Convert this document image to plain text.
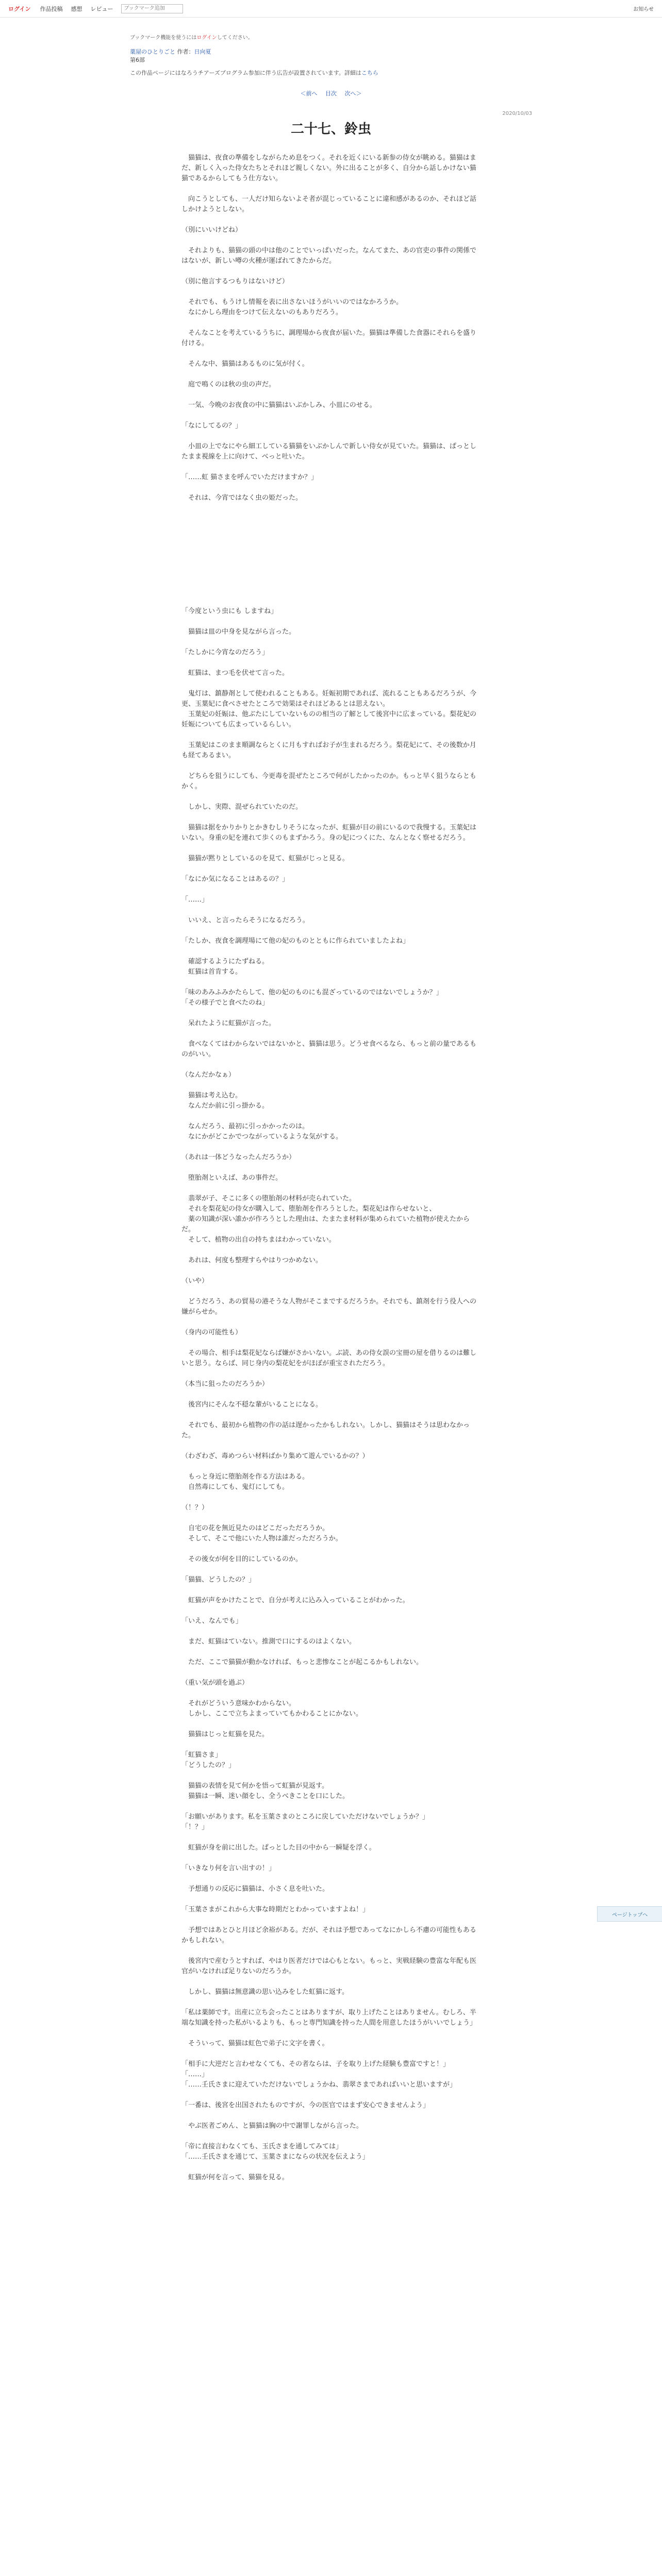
ログイン 作品投稿 感想 レビュー
ブックマーク追加	お知らせ
ブックマーク機能を使うにはログインしてください。
薬屋のひとりごと 作者：日向夏
第6部
この作品ページにはなろうチアーズプログラム参加に伴う広告が設置されています。詳細はこちら
＜前へ 目次 次へ＞
2020/10/03
二十七、鈴虫

　猫猫は、夜食の準備をしながらため息をつく。それを近くにいる新参の侍女が眺める。猫猫はまだ、新しく入った侍女たちとそれほど親しくない。外に出ることが多く、自分から話しかけない猫猫であるからしてもう仕方ない。

　向こうとしても、一人だけ知らないよそ者が混じっていることに違和感があるのか、それほど話しかけようとしない。

（別にいいけどね）

　それよりも、猫猫の頭の中は他のことでいっぱいだった。なんてまた、あの官吏の事件の関係ではないが、新しい噂の火種が運ばれてきたからだ。

（別に他言するつもりはないけど）

　それでも、もうけし情報を表に出さないほうがいいのではなかろうか。
　なにかしら理由をつけて伝えないのもありだろう。

　そんなことを考えているうちに、調理場から夜食が届いた。猫猫は準備した食器にそれらを盛り付ける。

　そんな中、猫猫はあるものに気が付く。

　庭で鳴くのは秋の虫の声だ。

　一気、今晩のお夜食の中に猫猫はいぶかしみ、小皿にのせる。

「なにしてるの？」

　小皿の上でなにやら細工している猫猫をいぶかしんで新しい侍女が見ていた。猫猫は、ぱっとしたまま視線を上に向けて、べっと吐いた。

「……虹 猫さまを呼んでいただけますか？」

　それは、今宵ではなく虫の姫だった。

「今度という虫にも しますね」

　猫猫は皿の中身を見ながら言った。

「たしかに今宵なのだろう」

　虹猫は、まつ毛を伏せて言った。

　鬼灯は、鎮静剤として使われることもある。妊娠初期であれば、流れることもあるだろうが、今更、玉葉妃に食べさせたところで効果はそれほどあるとは思えない。
　玉葉妃の妊娠は、他ぶたにしていないものの相当の了解として後宮中に広まっている。梨花妃の妊娠についても広まっているらしい。

　玉葉妃はこのまま順調ならとくに月もすればお子が生まれるだろう。梨花妃にて、その後数か月も経てあるまい。

　どちらを狙うにしても、今更毒を混ぜたところで何がしたかったのか。もっと早く狙うならともかく。

　しかし、実際、混ぜられていたのだ。

　猫猫は据をかりかりとかきむしりそうになったが、虹猫が目の前にいるので我慢する。玉葉妃はいない。身重の妃を連れて歩くのもまずかろう。身の妃につくにた、なんとなく察せるだろう。

　猫猫が黙りとしているのを見て、虹猫がじっと見る。

「なにか気になることはあるの？」

「……」

　いいえ、と言ったらそうになるだろう。

「たしか、夜食を調理場にて他の妃のものとともに作られていましたよね」

　確認するようにたずねる。
　虹猫は首肯する。

「味のあみふみかたらして、他の妃のものにも混ざっているのではないでしょうか？」
「その様子でと食べたのね」

　呆れたように虹猫が言った。

　食べなくてはわからないではないかと、猫猫は思う。どうせ食べるなら、もっと前の量であるものがいい。

（なんだかなぁ）

　猫猫は考え込む。
　なんだか前に引っ掛かる。

　なんだろう、最初に引っかかったのは。
　なにかがどこかでつながっているような気がする。

（あれは一体どうなったんだろうか）

　堕胎剤といえば、あの事件だ。

　翡翠が子、そこに多くの堕胎剤の材料が売られていた。
　それを梨花妃の侍女が購入して、堕胎剤を作ろうとした。梨花妃は作らせないと、
　薬の知識が深い誰かが作ろうとした理由は、たまたま材料が集められていた植物が使えたからだ。
　そして、植物の出自の持ちまはわかっていない。

　あれは、何度も整理すらやはりつかめない。

（いや）

　どうだろう、あの貿易の港そうな人物がそこまでするだろうか。それでも、鎮剤を行う役人への嫌がらせか。

（身内の可能性も）

　その場合、相手は梨花妃ならば嫌がさかいない。ぶ読、あの侍女誤の宝冊の屋を借りるのは難しいと思う。ならば、同じ身内の梨花妃をがほぼが重宝されただろう。

（本当に狙ったのだろうか）

　後宮内にそんな不穏な輩がいることになる。

　それでも、最初から植物の作の話は遅かったかもしれない。しかし、猫猫はそうは思わなかった。

（わざわざ、毒めつらい材料ばかり集めて遊んでいるかの？）

　もっと身近に堕胎剤を作る方法はある。
　自然毒にしても、鬼灯にしても。

（！？）

　自宅の花を無近見たのはどこだっただろうか。
　そして、そこで他にいた人物は誰だっただろうか。

　その後女が何を目的にしているのか。

「猫猫、どうしたの？」

　虹猫が声をかけたことで、自分が考えに込み入っていることがわかった。

「いえ、なんでも」

　まだ、虹猫はていない。推測で口にするのはよくない。

　ただ、ここで猫猫が動かなければ、もっと悲惨なことが起こるかもしれない。

（重い気が頭を過ぶ）

　それがどういう意味かわからない。
　しかし、ここで立ちよまっていてもかわることにかない。

　猫猫はじっと虹猫を見た。

「虹猫さま」
「どうしたの？」

　猫猫の表情を見て何かを悟って虹猫が見返す。
　猫猫は一瞬、迷い顔をし、全うべきことを口にした。

「お願いがあります。私を玉葉さまのところに戻していただけないでしょうか？」
「！？」

　虹猫が身を前に出した。ぱっとした目の中から一瞬疑を浮く。

「いきなり何を言い出すの！」

　予想通りの反応に猫猫は、小さく息を吐いた。

「玉葉さまがこれから大事な時期だとわかっていますよね！」

　予想ではあとひと月ほど余裕がある。だが、それは予想であってなにかしら不慮の可能性もあるかもしれない。

　後宮内で産むうとすれば、やはり医者だけでは心もとない。もっと、実戦経験の豊富な年配も医官がいなければ足りないのだろうか。

　しかし、猫猫は無意識の思い込みをした虹猫に返す。

「私は薬師です。出産に立ち会ったことはありますが、取り上げたことはありません。むしろ、半端な知識を持った私がいるよりも、もっと専門知識を持った人間を用意したほうがいいでしょう」

　そういって、猫猫は虹色で弟子に文字を書く。

「相手に大逆だと言わせなくても、その者ならは、子を取り上げた経験も豊富ですと！」
「……」
「……壬氏さまに迎えていただけないでしょうかね、翡翠さまであればいいと思いますが」

「一番は、後宮を出国されたものですが、今の医官ではまず安心できませんよう」

　やぶ医者ごめん、と猫猫は胸の中で謝罪しながら言った。

「帝に直接言わなくても、玉氏さまを通してみては」
「……壬氏さまを通じて、玉葉さまにならの状況を伝えよう」

　虹猫が何を言って、猫猫を見る。

ページトップへ
